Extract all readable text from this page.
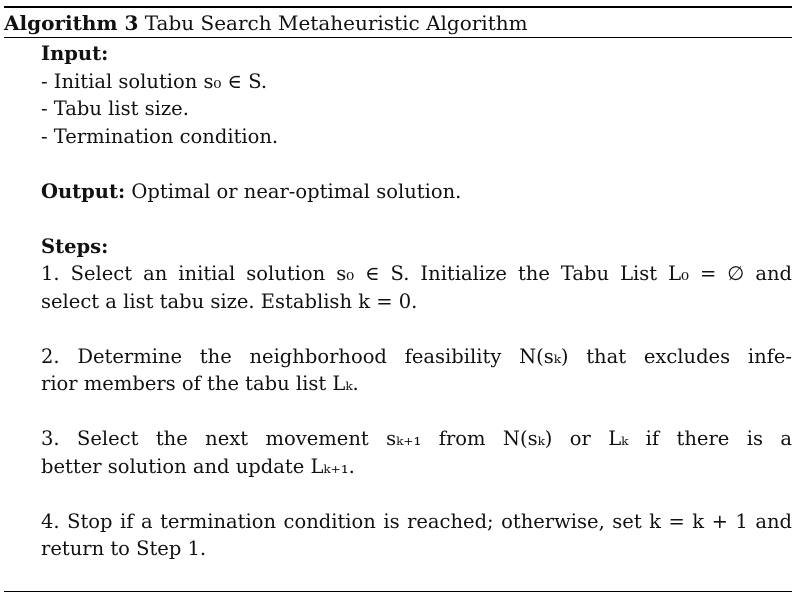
Algorithm 3 Tabu Search Metaheuristic Algorithm
Input:
- Initial solution s₀ ∈ S.
- Tabu list size.
- Termination condition.
Output: Optimal or near-optimal solution.
Steps:
1. Select an initial solution s₀ ∈ S. Initialize the Tabu List L₀ = ∅ and
select a list tabu size. Establish k = 0.
2. Determine the neighborhood feasibility N(sₖ) that excludes infe-
rior members of the tabu list Lₖ.
3. Select the next movement sₖ₊₁ from N(sₖ) or Lₖ if there is a
better solution and update Lₖ₊₁.
4. Stop if a termination condition is reached; otherwise, set k = k + 1 and
return to Step 1.
